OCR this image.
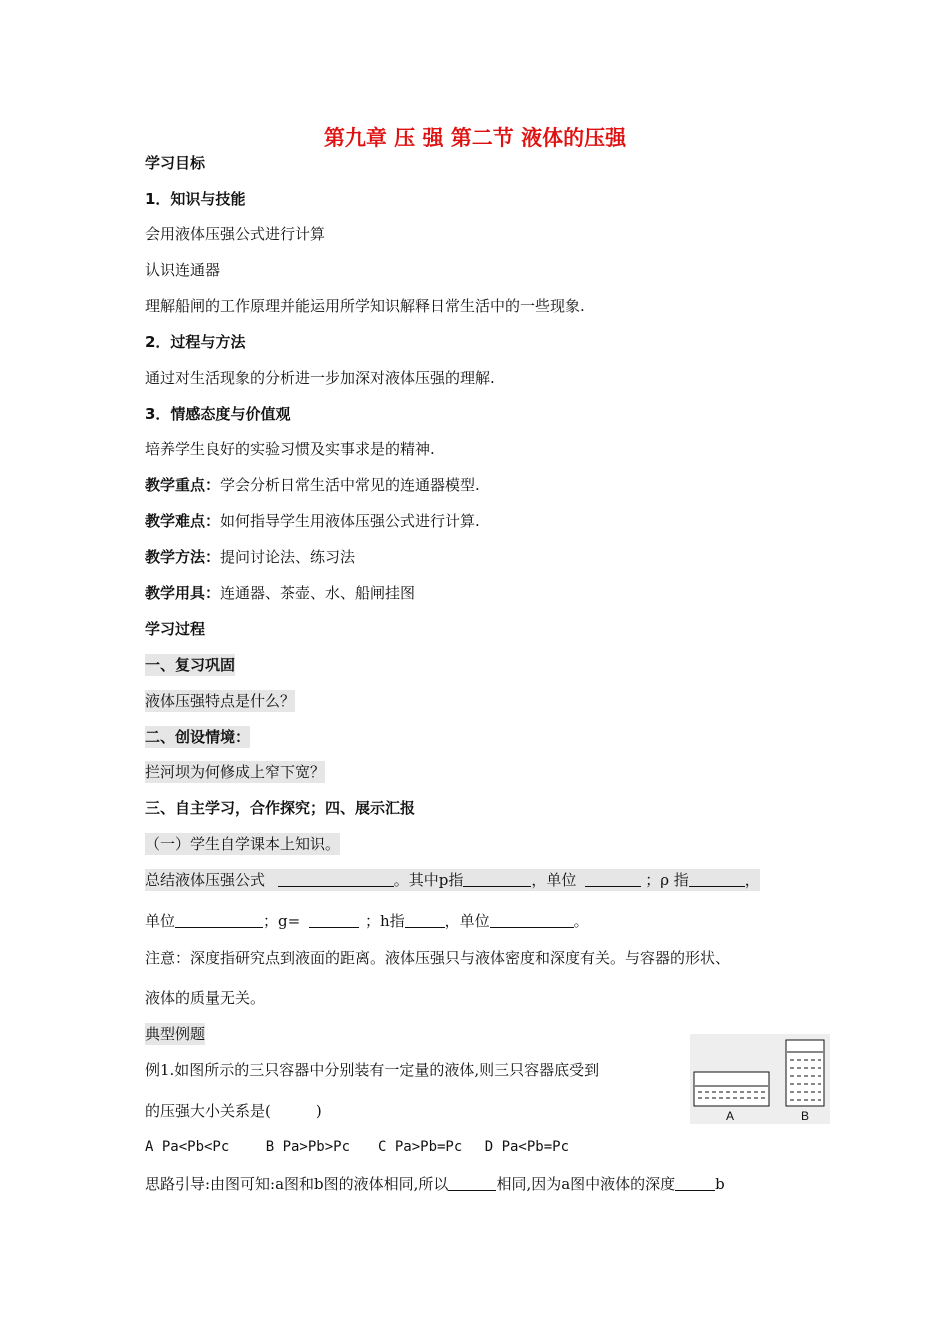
第九章 压 强 第二节 液体的压强
学习目标
1．知识与技能
会用液体压强公式进行计算
认识连通器
理解船闸的工作原理并能运用所学知识解释日常生活中的一些现象.
2．过程与方法
通过对生活现象的分析进一步加深对液体压强的理解.
3．情感态度与价值观
培养学生良好的实验习惯及实事求是的精神.
教学重点：学会分析日常生活中常见的连通器模型.
教学难点：如何指导学生用液体压强公式进行计算.
教学方法：提问讨论法、练习法
教学用具：连通器、茶壶、水、船闸挂图
学习过程
一、复习巩固
液体压强特点是什么？
二、创设情境：
拦河坝为何修成上窄下宽？
三、自主学习，合作探究；四、展示汇报
（一）学生自学课本上知识。
总结液体压强公式	。其中p指	，单位	；ρ 指	，
单位	；g=	；h指	，单位	。
注意：深度指研究点到液面的距离。液体压强只与液体密度和深度有关。与容器的形状、
液体的质量无关。
典型例题
例1.如图所示的三只容器中分别装有一定量的液体,则三只容器底受到
的压强大小关系是(　　　)
A Pa<Pb<Pc　　 B Pa>Pb>Pc　　C Pa>Pb=Pc　 D Pa<Pb=Pc
思路引导:由图可知:a图和b图的液体相同,所以	相同,因为a图中液体的深度	b
A	B
